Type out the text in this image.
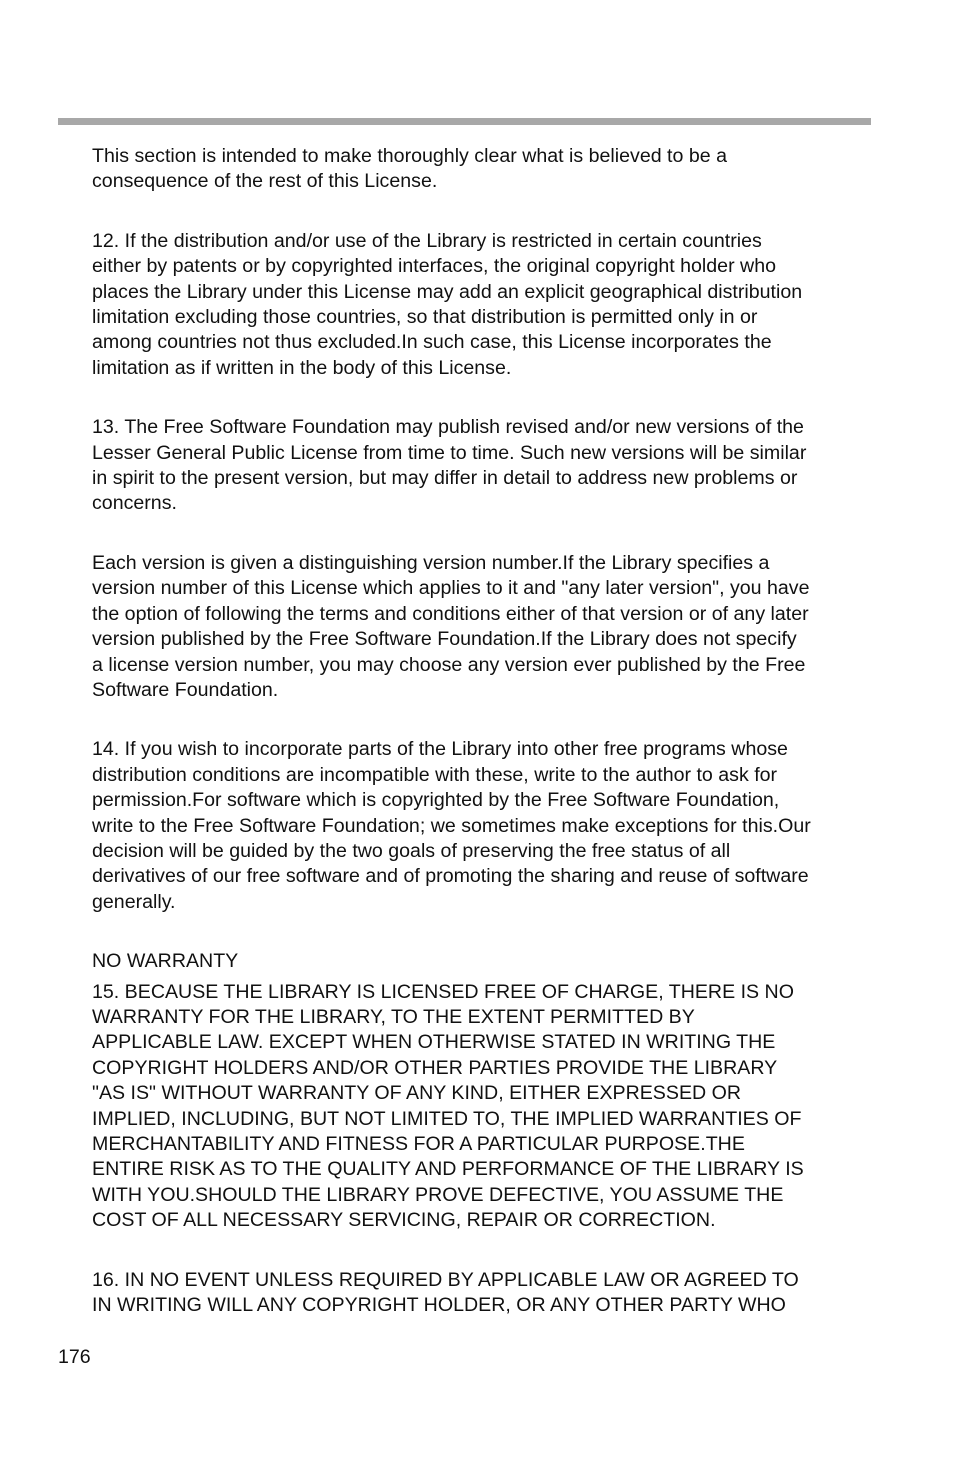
This section is intended to make thoroughly clear what is believed to be a
consequence of the rest of this License.

12. If the distribution and/or use of the Library is restricted in certain countries
either by patents or by copyrighted interfaces, the original copyright holder who
places the Library under this License may add an explicit geographical distribution
limitation excluding those countries, so that distribution is permitted only in or
among countries not thus excluded.In such case, this License incorporates the
limitation as if written in the body of this License.

13. The Free Software Foundation may publish revised and/or new versions of the
Lesser General Public License from time to time. Such new versions will be similar
in spirit to the present version, but may differ in detail to address new problems or
concerns.

Each version is given a distinguishing version number.If the Library specifies a
version number of this License which applies to it and "any later version", you have
the option of following the terms and conditions either of that version or of any later
version published by the Free Software Foundation.If the Library does not specify
a license version number, you may choose any version ever published by the Free
Software Foundation.

14. If you wish to incorporate parts of the Library into other free programs whose
distribution conditions are incompatible with these, write to the author to ask for
permission.For software which is copyrighted by the Free Software Foundation,
write to the Free Software Foundation; we sometimes make exceptions for this.Our
decision will be guided by the two goals of preserving the free status of all
derivatives of our free software and of promoting the sharing and reuse of software
generally.

NO WARRANTY

15. BECAUSE THE LIBRARY IS LICENSED FREE OF CHARGE, THERE IS NO
WARRANTY FOR THE LIBRARY, TO THE EXTENT PERMITTED BY
APPLICABLE LAW. EXCEPT WHEN OTHERWISE STATED IN WRITING THE
COPYRIGHT HOLDERS AND/OR OTHER PARTIES PROVIDE THE LIBRARY
"AS IS" WITHOUT WARRANTY OF ANY KIND, EITHER EXPRESSED OR
IMPLIED, INCLUDING, BUT NOT LIMITED TO, THE IMPLIED WARRANTIES OF
MERCHANTABILITY AND FITNESS FOR A PARTICULAR PURPOSE.THE
ENTIRE RISK AS TO THE QUALITY AND PERFORMANCE OF THE LIBRARY IS
WITH YOU.SHOULD THE LIBRARY PROVE DEFECTIVE, YOU ASSUME THE
COST OF ALL NECESSARY SERVICING, REPAIR OR CORRECTION.

16. IN NO EVENT UNLESS REQUIRED BY APPLICABLE LAW OR AGREED TO
IN WRITING WILL ANY COPYRIGHT HOLDER, OR ANY OTHER PARTY WHO

176
